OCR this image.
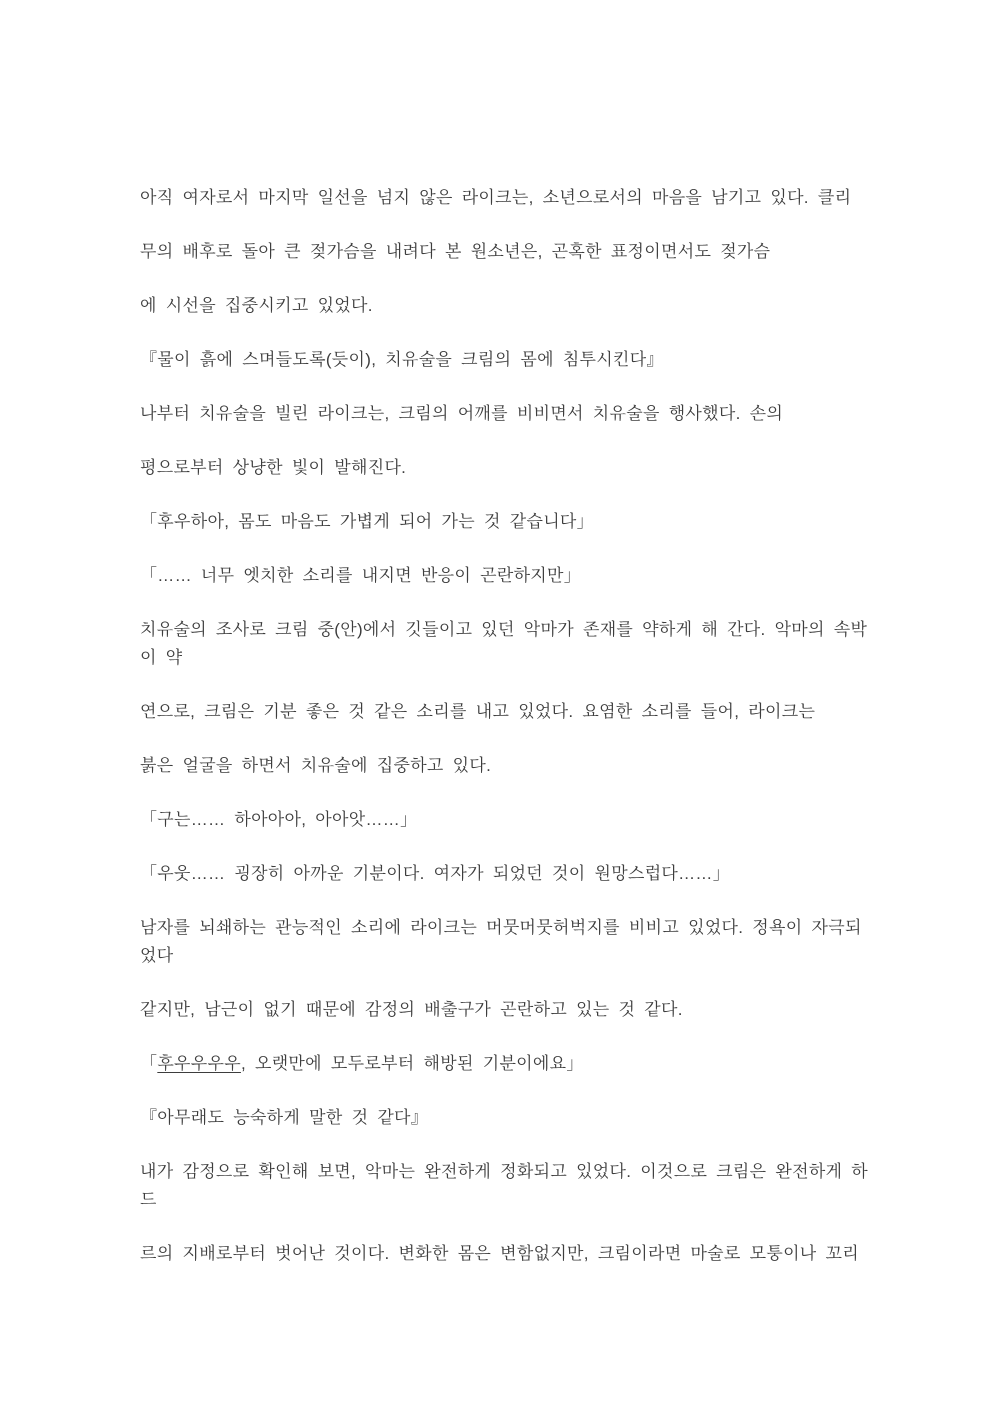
아직 여자로서 마지막 일선을 넘지 않은 라이크는, 소년으로서의 마음을 남기고 있다. 클리
무의 배후로 돌아 큰 젖가슴을 내려다 본 원소년은, 곤혹한 표정이면서도 젖가슴
에 시선을 집중시키고 있었다.
『물이 흙에 스며들도록(듯이), 치유술을 크림의 몸에 침투시킨다』
나부터 치유술을 빌린 라이크는, 크림의 어깨를 비비면서 치유술을 행사했다. 손의
평으로부터 상냥한 빛이 발해진다.
「후우하아, 몸도 마음도 가볍게 되어 가는 것 같습니다」
「…… 너무 엣치한 소리를 내지면 반응이 곤란하지만」
치유술의 조사로 크림 중(안)에서 깃들이고 있던 악마가 존재를 약하게 해 간다. 악마의 속박
이 약
연으로, 크림은 기분 좋은 것 같은 소리를 내고 있었다. 요염한 소리를 들어, 라이크는
붉은 얼굴을 하면서 치유술에 집중하고 있다.
「구는…… 하아아아, 아아앗……」
「우웃…… 굉장히 아까운 기분이다. 여자가 되었던 것이 원망스럽다……」
남자를 뇌쇄하는 관능적인 소리에 라이크는 머뭇머뭇허벅지를 비비고 있었다. 정욕이 자극되
었다
같지만, 남근이 없기 때문에 감정의 배출구가 곤란하고 있는 것 같다.
「후우우우우, 오랫만에 모두로부터 해방된 기분이에요」
『아무래도 능숙하게 말한 것 같다』
내가 감정으로 확인해 보면, 악마는 완전하게 정화되고 있었다. 이것으로 크림은 완전하게 하
드
르의 지배로부터 벗어난 것이다. 변화한 몸은 변함없지만, 크림이라면 마술로 모퉁이나 꼬리
